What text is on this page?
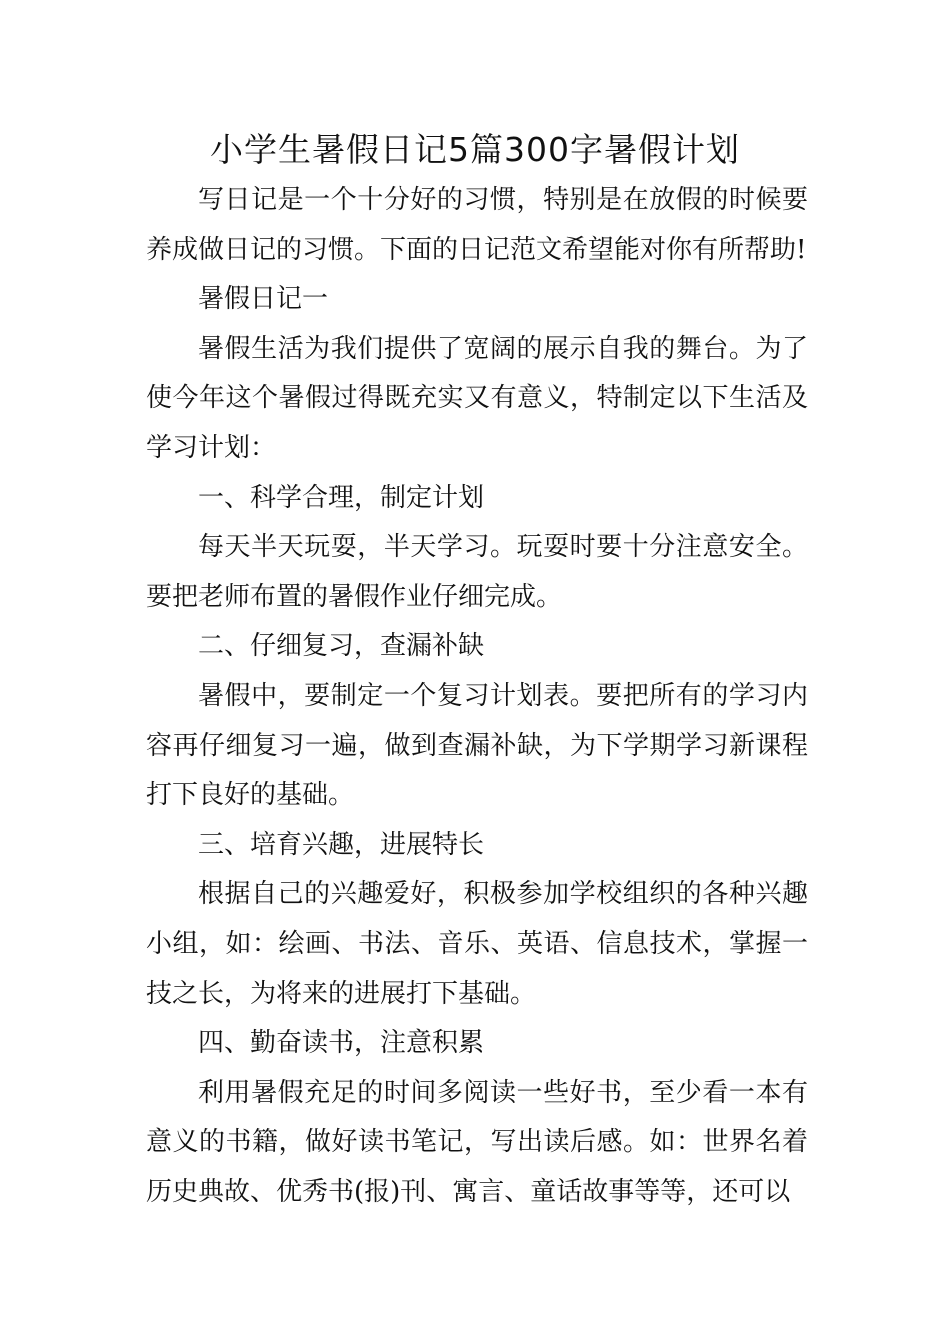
小学生暑假日记5篇300字暑假计划

写日记是一个十分好的习惯，特别是在放假的时候要养成做日记的习惯。下面的日记范文希望能对你有所帮助!

暑假日记一

暑假生活为我们提供了宽阔的展示自我的舞台。为了使今年这个暑假过得既充实又有意义，特制定以下生活及学习计划：

一、科学合理，制定计划

每天半天玩耍，半天学习。玩耍时要十分注意安全。要把老师布置的暑假作业仔细完成。

二、仔细复习，查漏补缺

暑假中，要制定一个复习计划表。要把所有的学习内容再仔细复习一遍，做到查漏补缺，为下学期学习新课程打下良好的基础。

三、培育兴趣，进展特长

根据自己的兴趣爱好，积极参加学校组织的各种兴趣小组，如：绘画、书法、音乐、英语、信息技术，掌握一技之长，为将来的进展打下基础。

四、勤奋读书，注意积累

利用暑假充足的时间多阅读一些好书，至少看一本有意义的书籍，做好读书笔记，写出读后感。如：世界名着历史典故、优秀书(报)刊、寓言、童话故事等等，还可以
